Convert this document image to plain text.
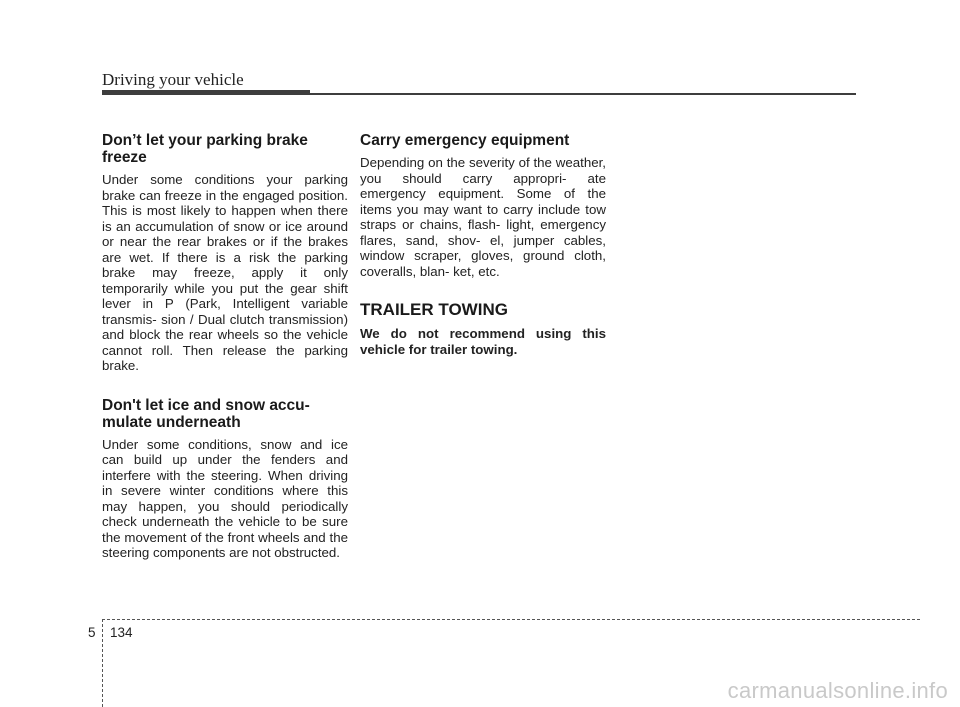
Driving your vehicle
Don’t let your parking brake
freeze

Under some conditions your parking brake can freeze in the engaged position. This is most likely to happen when there is an accumulation of snow or ice around or near the rear brakes or if the brakes are wet. If there is a risk the parking brake may freeze, apply it only temporarily while you put the gear shift lever in P (Park, Intelligent variable transmis- sion / Dual clutch transmission) and block the rear wheels so the vehicle cannot roll. Then release the parking brake.

Don't let ice and snow accu-
mulate underneath

Under some conditions, snow and ice can build up under the fenders and interfere with the steering. When driving in severe winter conditions where this may happen, you should periodically check underneath the vehicle to be sure the movement of the front wheels and the steering components are not obstructed.

Carry emergency equipment

Depending on the severity of the weather, you should carry appropri- ate emergency equipment. Some of the items you may want to carry include tow straps or chains, flash- light, emergency flares, sand, shov- el, jumper cables, window scraper, gloves, ground cloth, coveralls, blan- ket, etc.

TRAILER TOWING

We do not recommend using this vehicle for trailer towing.

5 134
carmanualsonline.info
